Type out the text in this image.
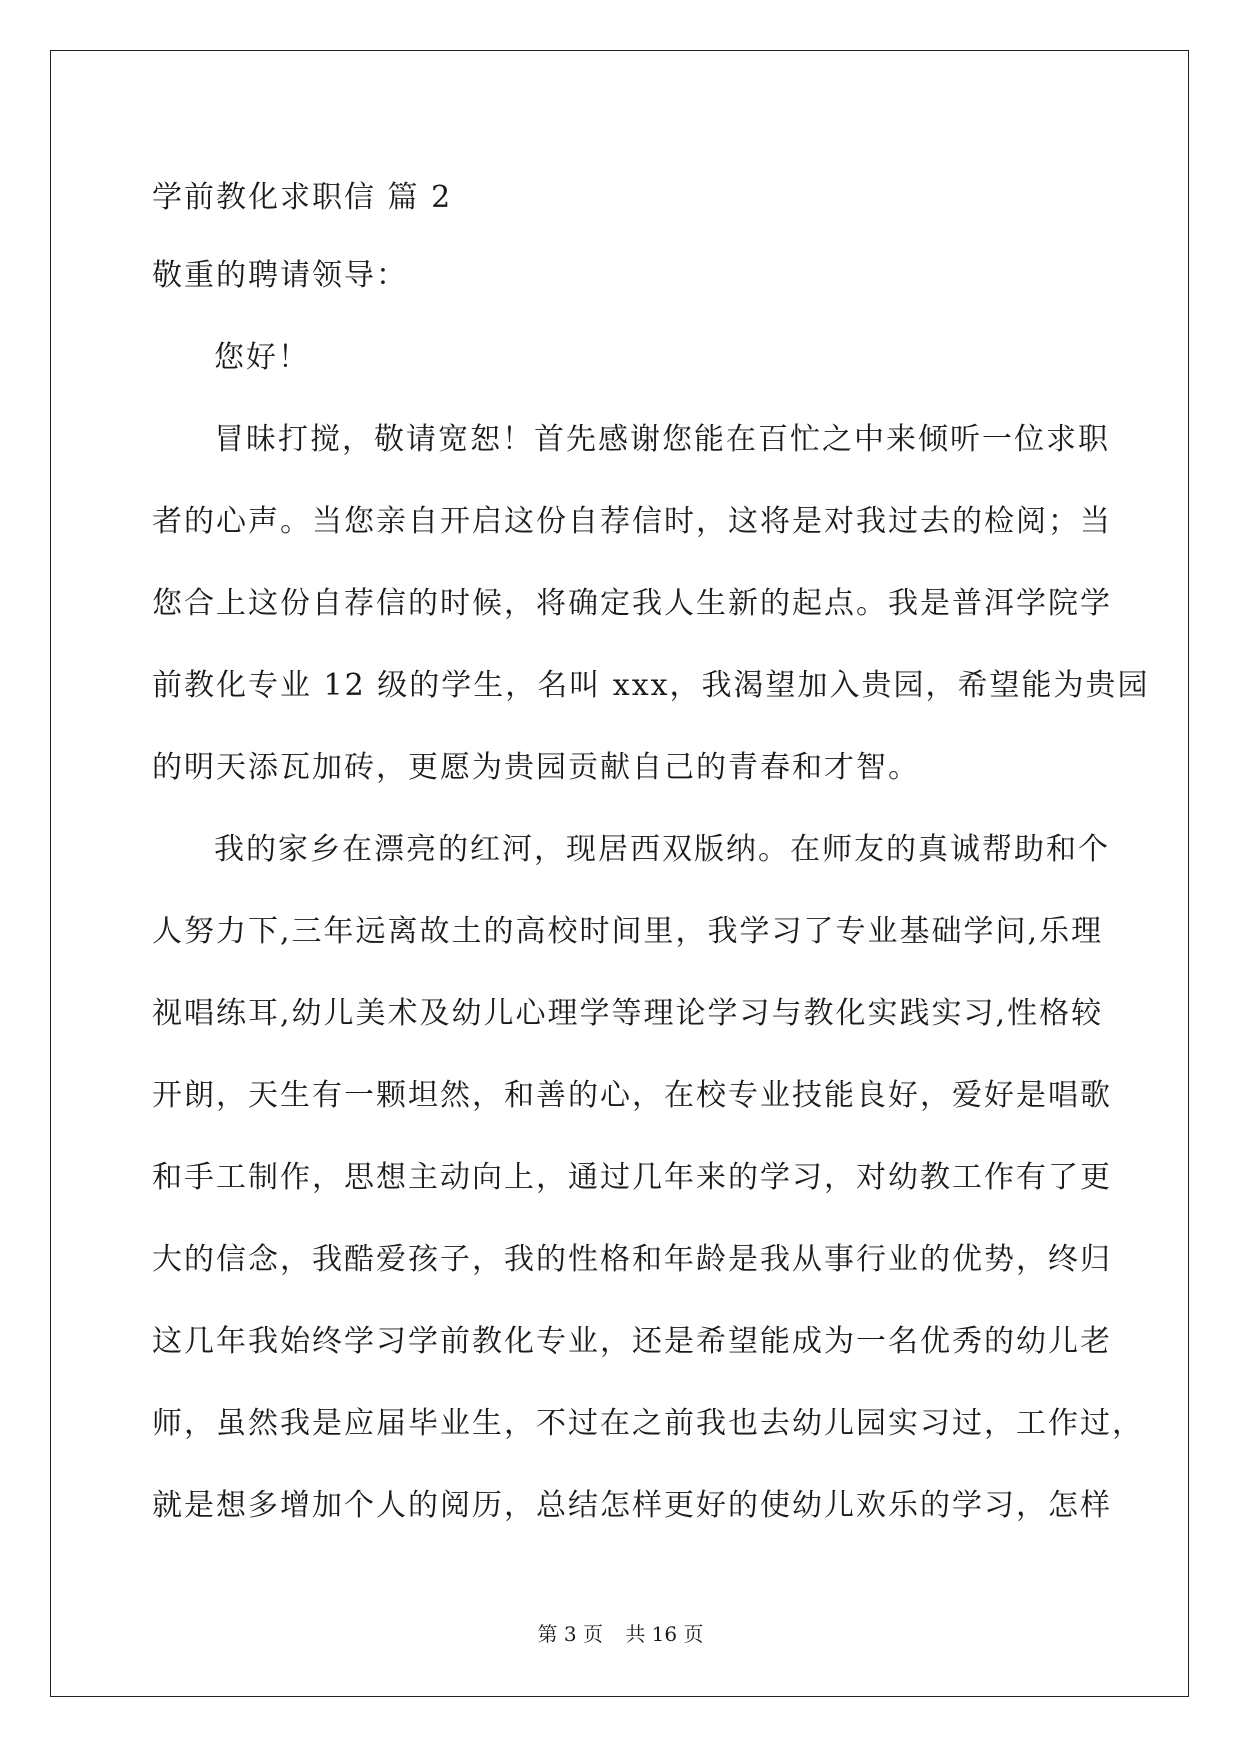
学前教化求职信 篇 2
敬重的聘请领导：
您好！
冒昧打搅，敬请宽恕！首先感谢您能在百忙之中来倾听一位求职
者的心声。当您亲自开启这份自荐信时，这将是对我过去的检阅；当
您合上这份自荐信的时候，将确定我人生新的起点。我是普洱学院学
前教化专业 12 级的学生，名叫 xxx，我渴望加入贵园，希望能为贵园
的明天添瓦加砖，更愿为贵园贡献自己的青春和才智。
我的家乡在漂亮的红河，现居西双版纳。在师友的真诚帮助和个
人努力下,三年远离故土的高校时间里，我学习了专业基础学问,乐理
视唱练耳,幼儿美术及幼儿心理学等理论学习与教化实践实习,性格较
开朗，天生有一颗坦然，和善的心，在校专业技能良好，爱好是唱歌
和手工制作，思想主动向上，通过几年来的学习，对幼教工作有了更
大的信念，我酷爱孩子，我的性格和年龄是我从事行业的优势，终归
这几年我始终学习学前教化专业，还是希望能成为一名优秀的幼儿老
师，虽然我是应届毕业生，不过在之前我也去幼儿园实习过，工作过，
就是想多增加个人的阅历，总结怎样更好的使幼儿欢乐的学习，怎样
第 3 页 共 16 页
